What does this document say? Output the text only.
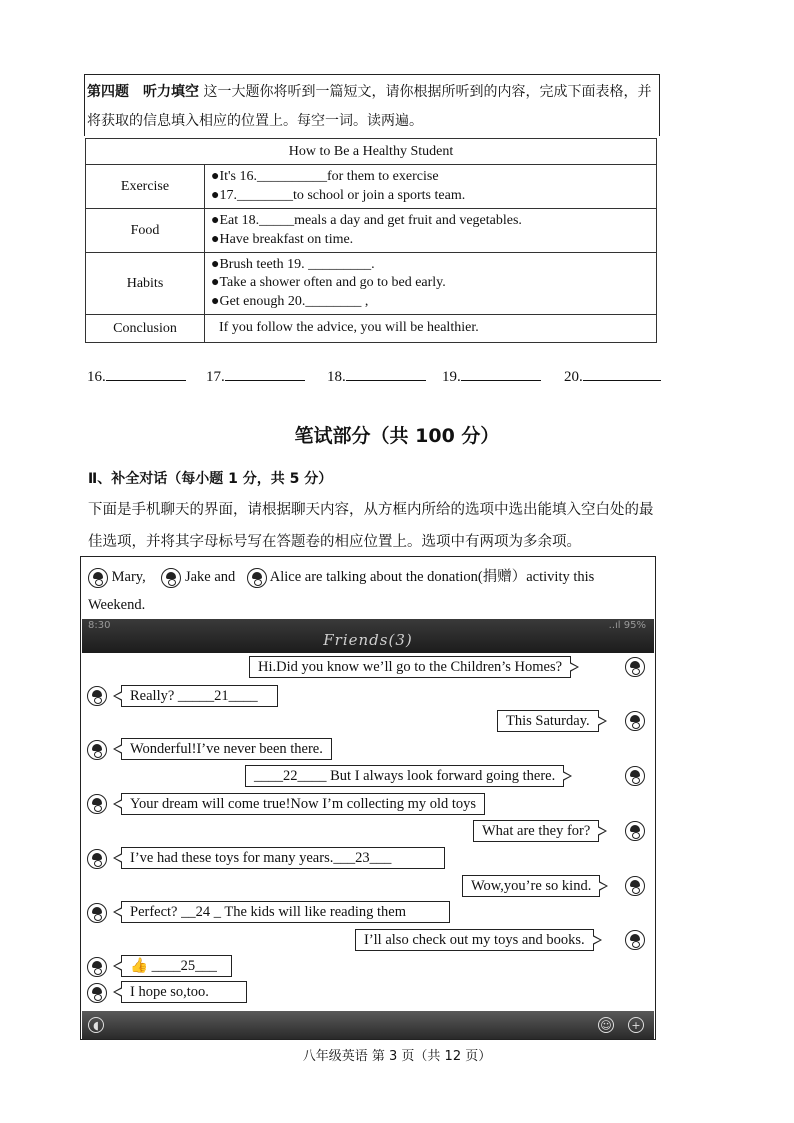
第四题　听力填空 这一大题你将听到一篇短文，请你根据所听到的内容，完成下面表格，并将获取的信息填入相应的位置上。每空一词。读两遍。
How to Be a Healthy Student	
Exercise	●It's 16.__________for them to exercise
●17.________to school or join a sports team.

Food	●Eat 18._____meals a day and get fruit and vegetables.
●Have breakfast on time.

Habits	●Brush teeth 19. _________.
●Take a shower often and go to bed early.
●Get enough 20.________ ,

Conclusion	If you follow the advice, you will be healthier.
16.	17.	18.	19.	20.
笔试部分（共 100 分）
Ⅱ、补全对话（每小题 1 分，共 5 分）
下面是手机聊天的界面，请根据聊天内容，从方框内所给的选项中选出能填入空白处的最佳选项，并将其字母标号写在答题卷的相应位置上。选项中有两项为多余项。
Mary,	Jake and Alice are talking about the donation(捐赠）activity this
Weekend.
8:30	..ıl 95%
Friends(3)
Hi.Did you know we’ll go to the Children’s Homes?
Really? _____21____
This Saturday.
Wonderful!I’ve never been there.
____22____ But I always look forward going there.
Your dream will come true!Now I’m collecting my old toys
What are they for?
I’ve had these toys for many years.___23___
Wow,you’re so kind.
Perfect? __24 _ The kids will like reading them
I’ll also check out my toys and books.
👍 ____25___
I hope so,too.
◖	☺	+
八年级英语 第 3 页（共 12 页）
